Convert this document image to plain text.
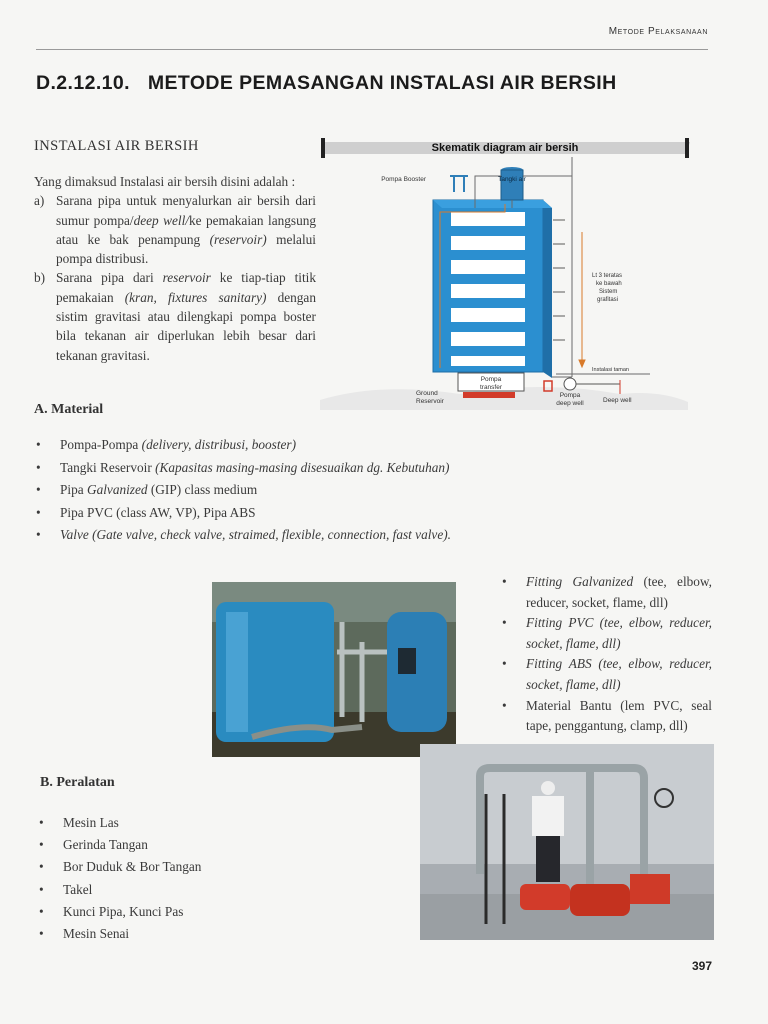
Metode Pelaksanaan
D.2.12.10. METODE PEMASANGAN INSTALASI AIR BERSIH
INSTALASI AIR BERSIH
Yang dimaksud Instalasi air bersih disini adalah :
a) Sarana pipa untuk menyalurkan air bersih dari sumur pompa/deep well/ke pemakaian langsung atau ke bak penampung (reservoir) melalui pompa distribusi.
b) Sarana pipa dari reservoir ke tiap-tiap titik pemakaian (kran, fixtures sanitary) dengan sistim gravitasi atau dilengkapi pompa boster bila tekanan air diperlukan lebih besar dari tekanan gravitasi.
Skematik diagram air bersih
Tangki air
Pompa Booster
Lt 3 teratas
ke bawah
Sistem
grafitasi
Instalasi taman
Pompa
transfer
Ground
Reservoir
Pompa
deep well	Deep well
A. Material
• Pompa-Pompa (delivery, distribusi, booster)
• Tangki Reservoir (Kapasitas masing-masing disesuaikan dg. Kebutuhan)
• Pipa Galvanized (GIP) class medium
• Pipa PVC (class AW, VP), Pipa ABS
• Valve (Gate valve, check valve, straimed, flexible, connection, fast valve).
• Fitting Galvanized (tee, elbow, reducer, socket, flame, dll)
• Fitting PVC (tee, elbow, reducer, socket, flame, dll)
• Fitting ABS (tee, elbow, reducer, socket, flame, dll)
• Material Bantu (lem PVC, seal tape, penggantung, clamp, dll)
B. Peralatan
• Mesin Las
• Gerinda Tangan
• Bor Duduk & Bor Tangan
• Takel
• Kunci Pipa, Kunci Pas
• Mesin Senai
397
